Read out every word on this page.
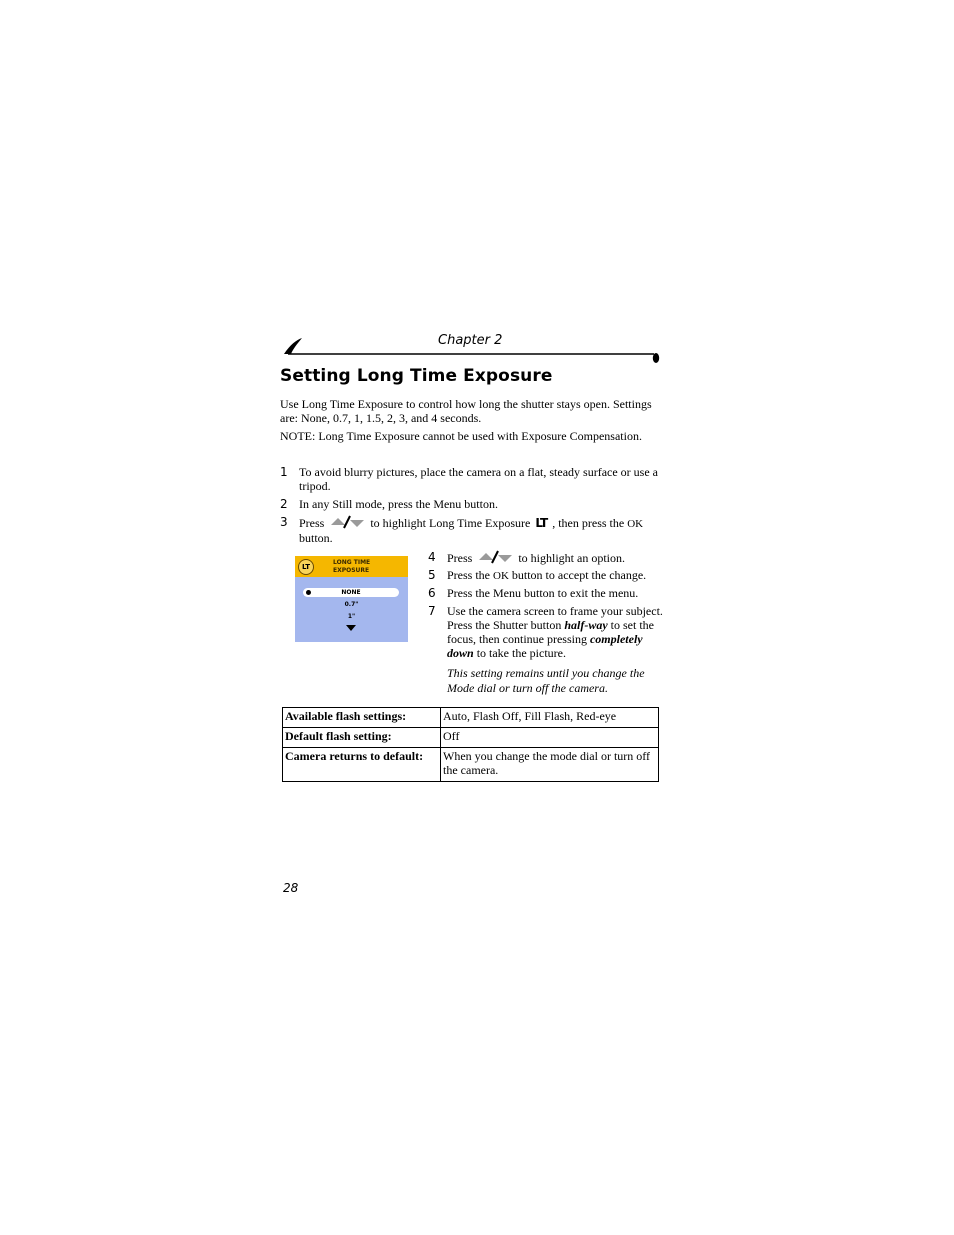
Chapter 2
Setting Long Time Exposure
Use Long Time Exposure to control how long the shutter stays open. Settings are: None, 0.7, 1, 1.5, 2, 3, and 4 seconds.
NOTE: Long Time Exposure cannot be used with Exposure Compensation.
1 To avoid blurry pictures, place the camera on a flat, steady surface or use a tripod.
2 In any Still mode, press the Menu button.
3 Press	to highlight Long Time Exposure LT , then press the OK button.
LT
LONG TIME
EXPOSURE
NONE
0.7"
1"
4 Press	to highlight an option.
5 Press the OK button to accept the change.
6 Press the Menu button to exit the menu.
7 Use the camera screen to frame your subject. Press the Shutter button half-way to set the focus, then continue pressing completely down to take the picture.
This setting remains until you change the Mode dial or turn off the camera.
Available flash settings:	Auto, Flash Off, Fill Flash, Red-eye
Default flash setting:	Off
Camera returns to default:	When you change the mode dial or turn off the camera.
28
